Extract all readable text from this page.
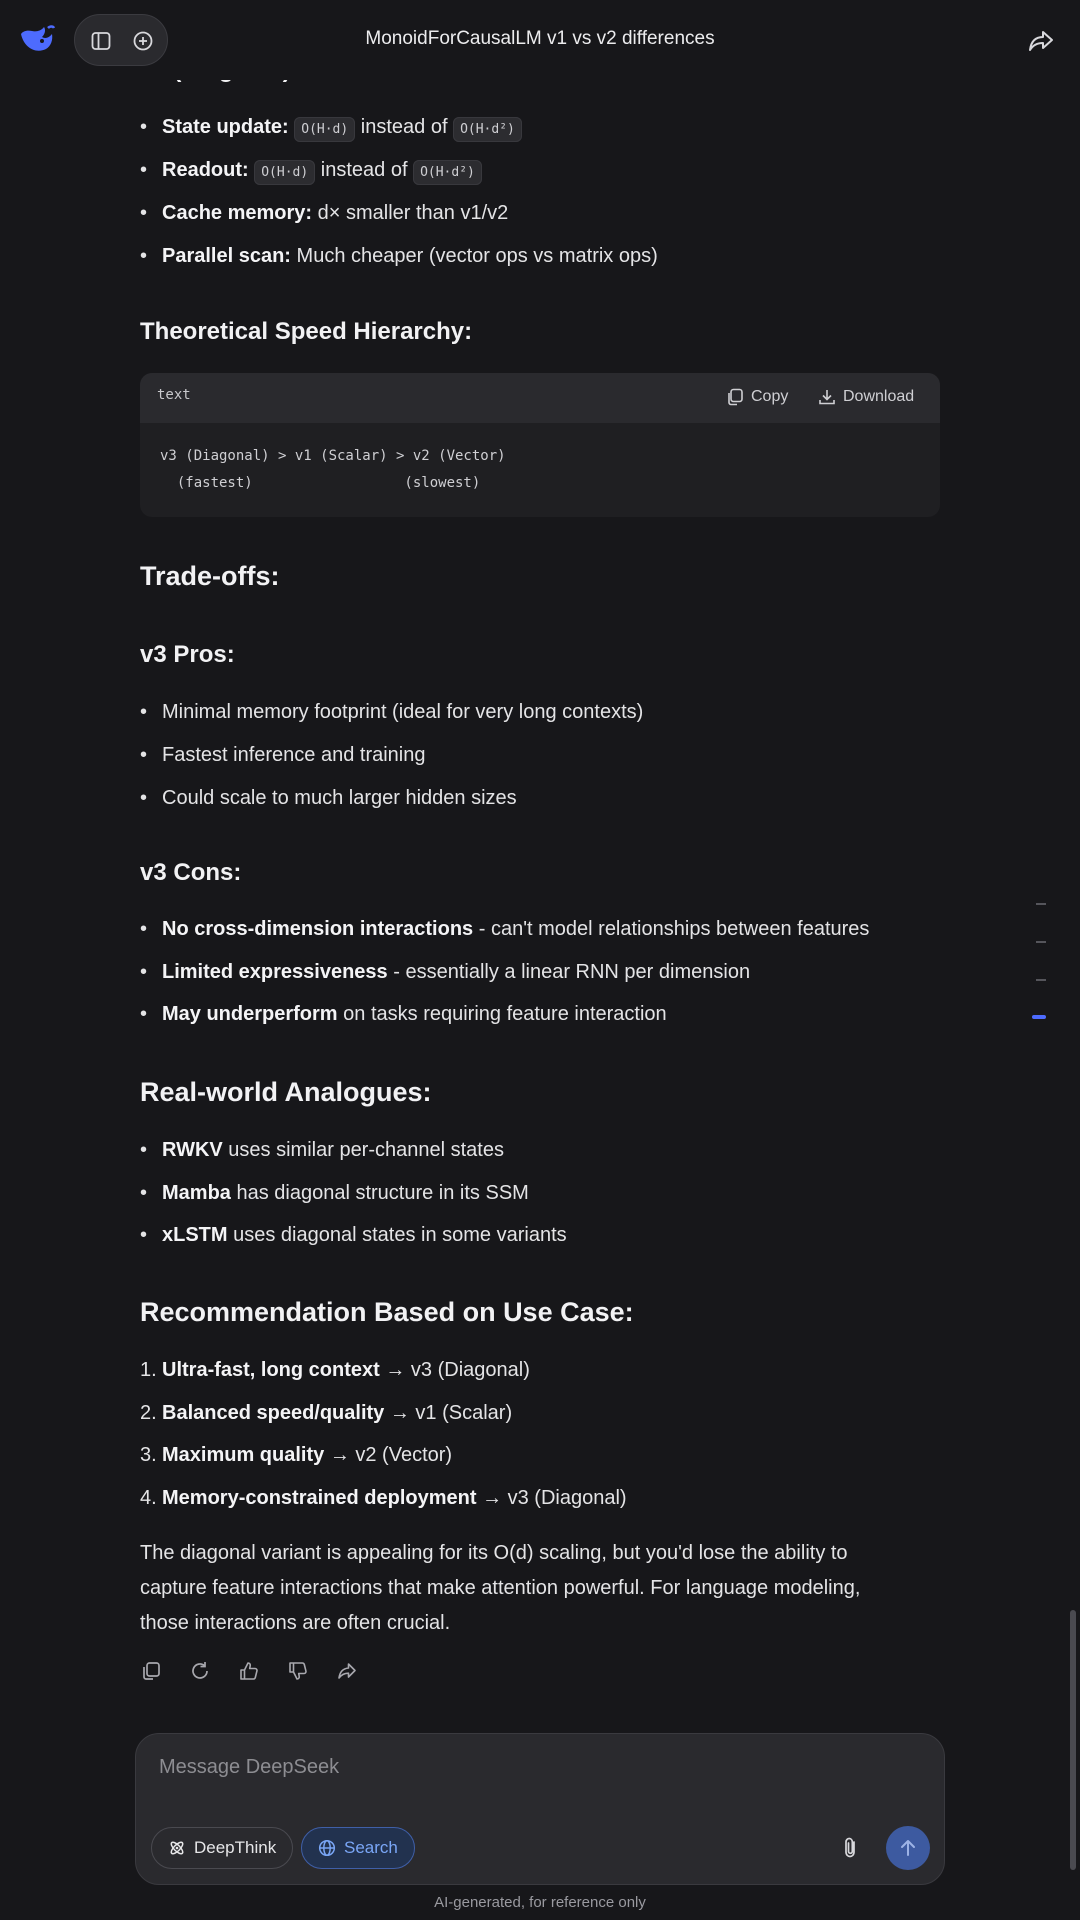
MonoidForCausalLM v1 vs v2 differences
•State update: O(H·d) instead of O(H·d²)
•Readout: O(H·d) instead of O(H·d²)
•Cache memory: d× smaller than v1/v2
•Parallel scan: Much cheaper (vector ops vs matrix ops)
Theoretical Speed Hierarchy:
text	Copy	Download
v3 (Diagonal) > v1 (Scalar) > v2 (Vector)
(fastest)                  (slowest)
Trade-offs:
v3 Pros:
•Minimal memory footprint (ideal for very long contexts)
•Fastest inference and training
•Could scale to much larger hidden sizes
v3 Cons:
•No cross-dimension interactions - can't model relationships between features
•Limited expressiveness - essentially a linear RNN per dimension
•May underperform on tasks requiring feature interaction
Real-world Analogues:
•RWKV uses similar per-channel states
•Mamba has diagonal structure in its SSM
•xLSTM uses diagonal states in some variants
Recommendation Based on Use Case:
1. Ultra-fast, long context → v3 (Diagonal)
2. Balanced speed/quality → v1 (Scalar)
3. Maximum quality → v2 (Vector)
4. Memory-constrained deployment → v3 (Diagonal)
The diagonal variant is appealing for its O(d) scaling, but you'd lose the ability to
capture feature interactions that make attention powerful. For language modeling,
those interactions are often crucial.
Message DeepSeek
DeepThink	Search
AI-generated, for reference only
